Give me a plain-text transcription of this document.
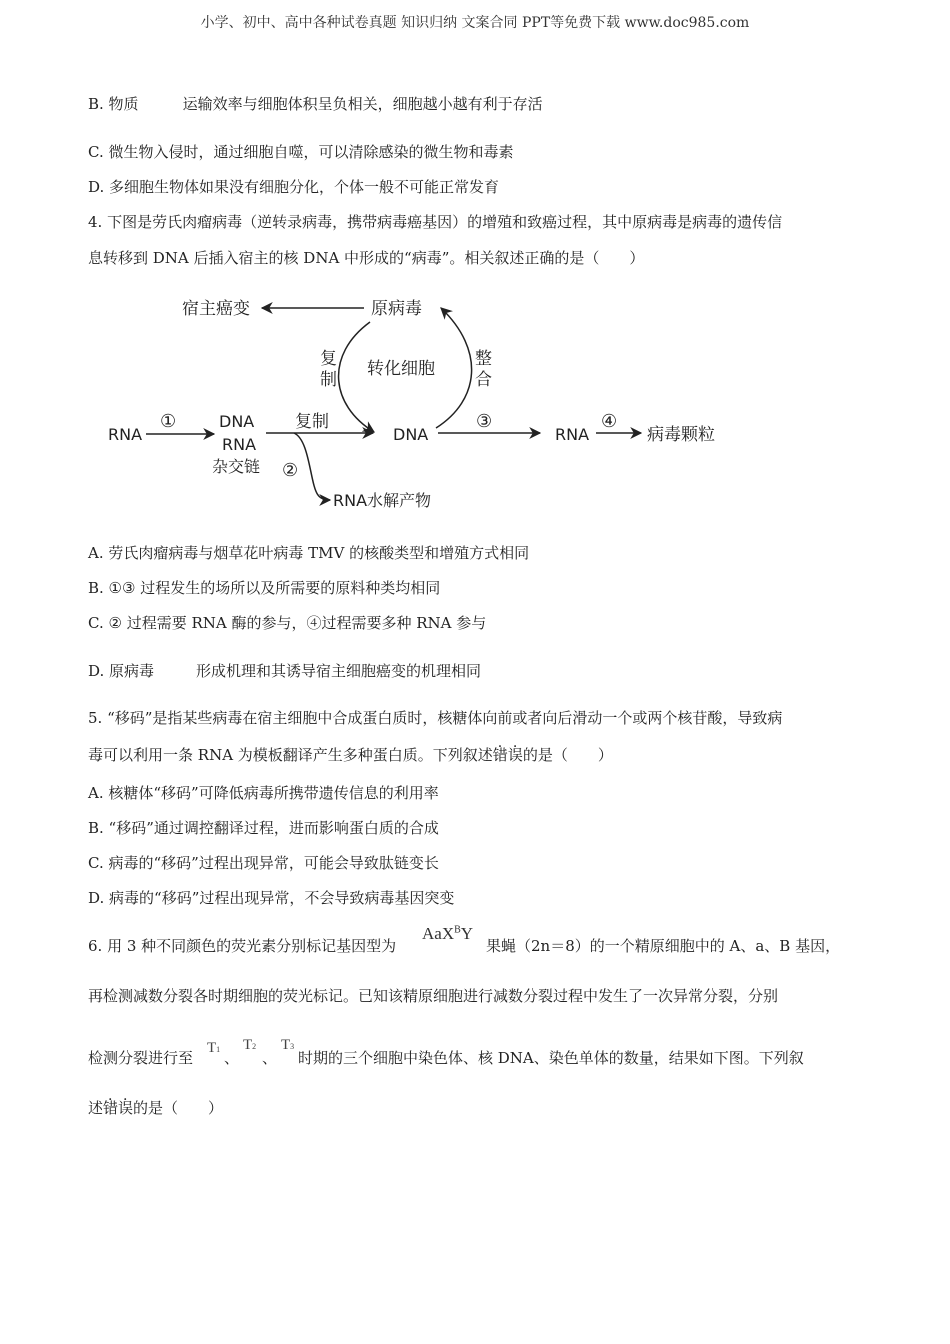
小学、初中、高中各种试卷真题 知识归纳 文案合同 PPT等免费下载 www.doc985.com
B. 物质	运输效率与细胞体积呈负相关，细胞越小越有利于存活
C. 微生物入侵时，通过细胞自噬，可以清除感染的微生物和毒素
D. 多细胞生物体如果没有细胞分化，个体一般不可能正常发育
4. 下图是劳氏肉瘤病毒（逆转录病毒，携带病毒癌基因）的增殖和致癌过程，其中原病毒是病毒的遗传信
息转移到 DNA 后插入宿主的核 DNA 中形成的“病毒”。相关叙述正确的是（　　）
宿主癌变	原病毒
复
制
转化细胞 整
合
RNA
①	DNA
RNA
杂交链
复制
DNA
③
RNA
④
病毒颗粒
②
RNA水解产物
A. 劳氏肉瘤病毒与烟草花叶病毒 TMV 的核酸类型和增殖方式相同
B. ①③ 过程发生的场所以及所需要的原料种类均相同
C. ② 过程需要 RNA 酶的参与，④过程需要多种 RNA 参与
D. 原病毒	形成机理和其诱导宿主细胞癌变的机理相同
5. “移码”是指某些病毒在宿主细胞中合成蛋白质时，核糖体向前或者向后滑动一个或两个核苷酸，导致病
毒可以利用一条 RNA 为模板翻译产生多种蛋白质。下列叙述错误的是（　　）
A. 核糖体“移码”可降低病毒所携带遗传信息的利用率
B. “移码”通过调控翻译过程，进而影响蛋白质的合成
C. 病毒的“移码”过程出现异常，可能会导致肽链变长
D. 病毒的“移码”过程出现异常，不会导致病毒基因突变
6. 用 3 种不同颜色的荧光素分别标记基因型为
AaX$^B$Y
果蝇（2n＝8）的一个精原细胞中的 A、a、B 基因，
再检测减数分裂各时期细胞的荧光标记。已知该精原细胞进行减数分裂过程中发生了一次异常分裂，分别
检测分裂进行至
T1 、
T2
、
T3
时期的三个细胞中染色体、核 DNA、染色单体的数量，结果如下图。下列叙
述错误的是（　　）
